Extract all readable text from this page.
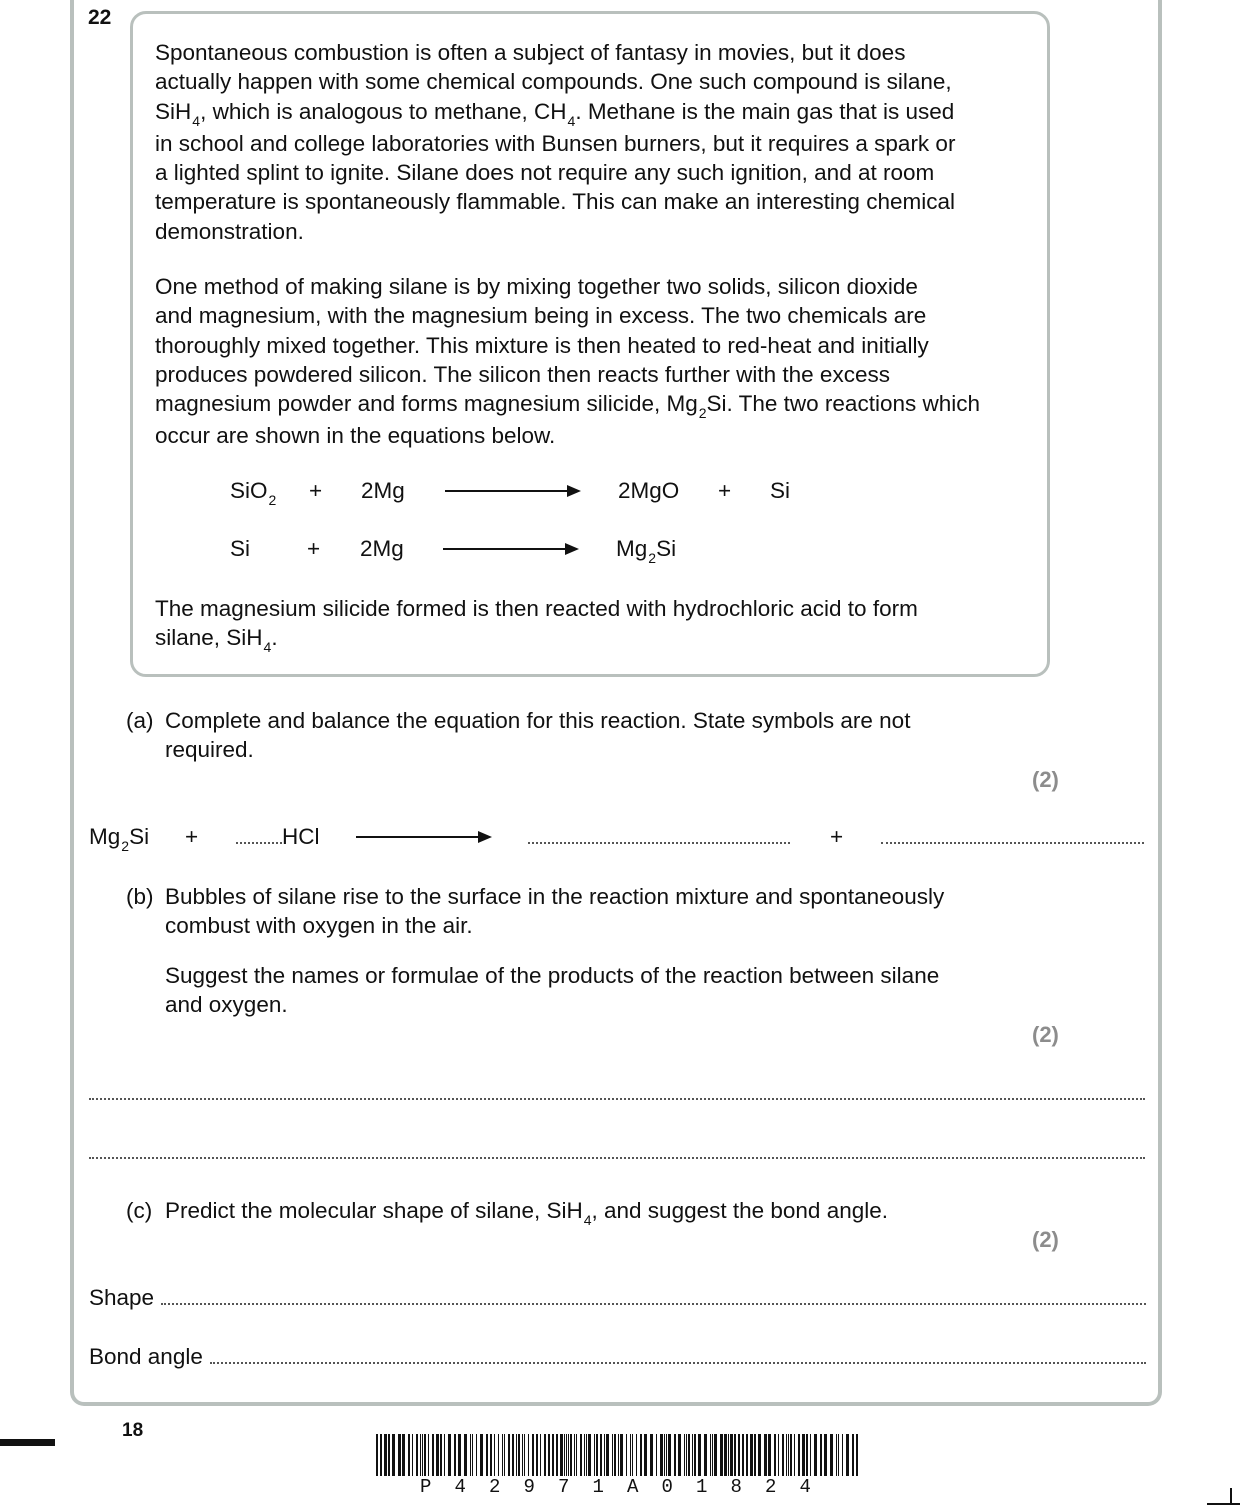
22
Spontaneous combustion is often a subject of fantasy in movies, but it does
actually happen with some chemical compounds. One such compound is silane,
SiH$_4$, which is analogous to methane, $CH_4$. Methane is the main gas that is used
in school and college laboratories with Bunsen burners, but it requires a spark or
a lighted splint to ignite. Silane does not require any such ignition, and at room
temperature is spontaneously flammable. This can make an interesting chemical
demonstration.
One method of making silane is by mixing together two solids, silicon dioxide
and magnesium, with the magnesium being in excess. The two chemicals are
thoroughly mixed together. This mixture is then heated to red-heat and initially
produces powdered silicon. The silicon then reacts further with the excess
magnesium powder and forms magnesium silicide, $Mg_2Si$. The two reactions which
occur are shown in the equations below.
SiO$_2$ + 2Mg	2MgO + Si
Si	+ 2Mg	$Mg_2Si$
The magnesium silicide formed is then reacted with hydrochloric acid to form
silane, SiH$_4$.
(a) Complete and balance the equation for this reaction. State symbols are not
required.
(2)
$Mg_2Si$ +	HCl	+
(b) Bubbles of silane rise to the surface in the reaction mixture and spontaneously
combust with oxygen in the air.
Suggest the names or formulae of the products of the reaction between silane
and oxygen.
(2)
(c) Predict the molecular shape of silane, SiH$_4$, and suggest the bond angle.
(2)
Shape
Bond angle
18
P 4 2 9 7 1 A 0 1 8 2 4
